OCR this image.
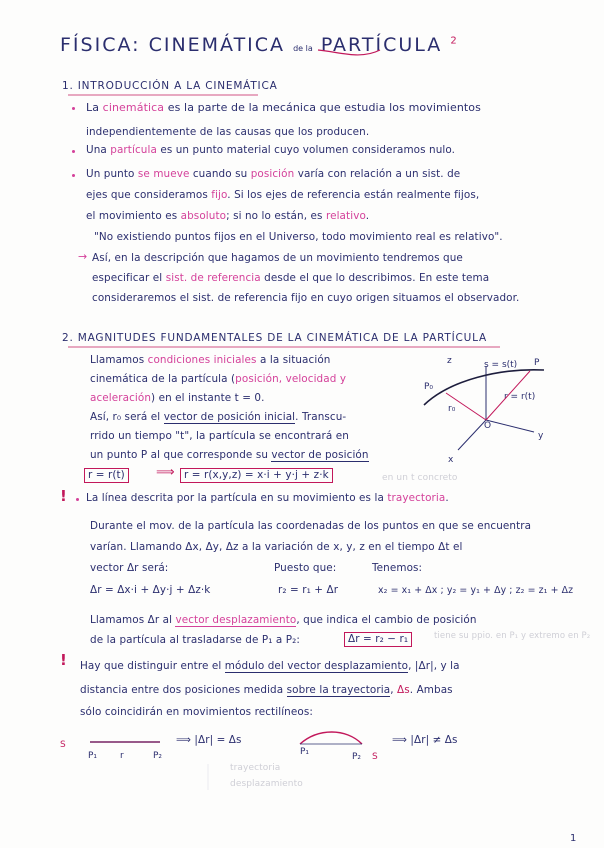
FÍSICA: CINEMÁTICA de la PARTÍCULA $^2$
1. INTRODUCCIÓN A LA CINEMÁTICA
La cinemática es la parte de la mecánica que estudia los movimientos
independientemente de las causas que los producen.
Una partícula es un punto material cuyo volumen consideramos nulo.
Un punto se mueve cuando su posición varía con relación a un sist. de
ejes que consideramos fijo. Si los ejes de referencia están realmente fijos,
el movimiento es absoluto; si no lo están, es relativo.
"No existiendo puntos fijos en el Universo, todo movimiento real es relativo".
→ Así, en la descripción que hagamos de un movimiento tendremos que
especificar el sist. de referencia desde el que lo describimos. En este tema
consideraremos el sist. de referencia fijo en cuyo origen situamos el observador.
2. MAGNITUDES FUNDAMENTALES DE LA CINEMÁTICA DE LA PARTÍCULA
Llamamos condiciones iniciales a la situación
cinemática de la partícula (posición, velocidad y
aceleración) en el instante t = 0.
Así, r₀ será el vector de posición inicial. Transcu-
rrido un tiempo "t", la partícula se encontrará en
un punto P al que corresponde su vector de posición
r = r(t)	⟹ r = r(x,y,z) = x·i + y·j + z·k	en un t concreto
! La línea descrita por la partícula en su movimiento es la trayectoria.
Durante el mov. de la partícula las coordenadas de los puntos en que se encuentra
varían. Llamando Δx, Δy, Δz a la variación de x, y, z en el tiempo Δt el
vector Δr será:	Puesto que:	Tenemos:
Δr = Δx·i + Δy·j + Δz·k	r₂ = r₁ + Δr	x₂ = x₁ + Δx ; y₂ = y₁ + Δy ; z₂ = z₁ + Δz
Llamamos Δr al vector desplazamiento, que indica el cambio de posición
de la partícula al trasladarse de P₁ a P₂:	Δr = r₂ − r₁	tiene su ppio. en P₁ y extremo en P₂
! Hay que distinguir entre el módulo del vector desplazamiento, |Δr|, y la
distancia entre dos posiciones medida sobre la trayectoria, Δs. Ambas
sólo coincidirán en movimientos rectilíneos:
S
P₁	r	P₂
⟹ |Δr| = Δs
P₁	P₂ S
⟹ |Δr| ≠ Δs
trayectoria
desplazamiento
1
z	s = s(t) P
P₀
r₀
r = r(t)
O
y
x
